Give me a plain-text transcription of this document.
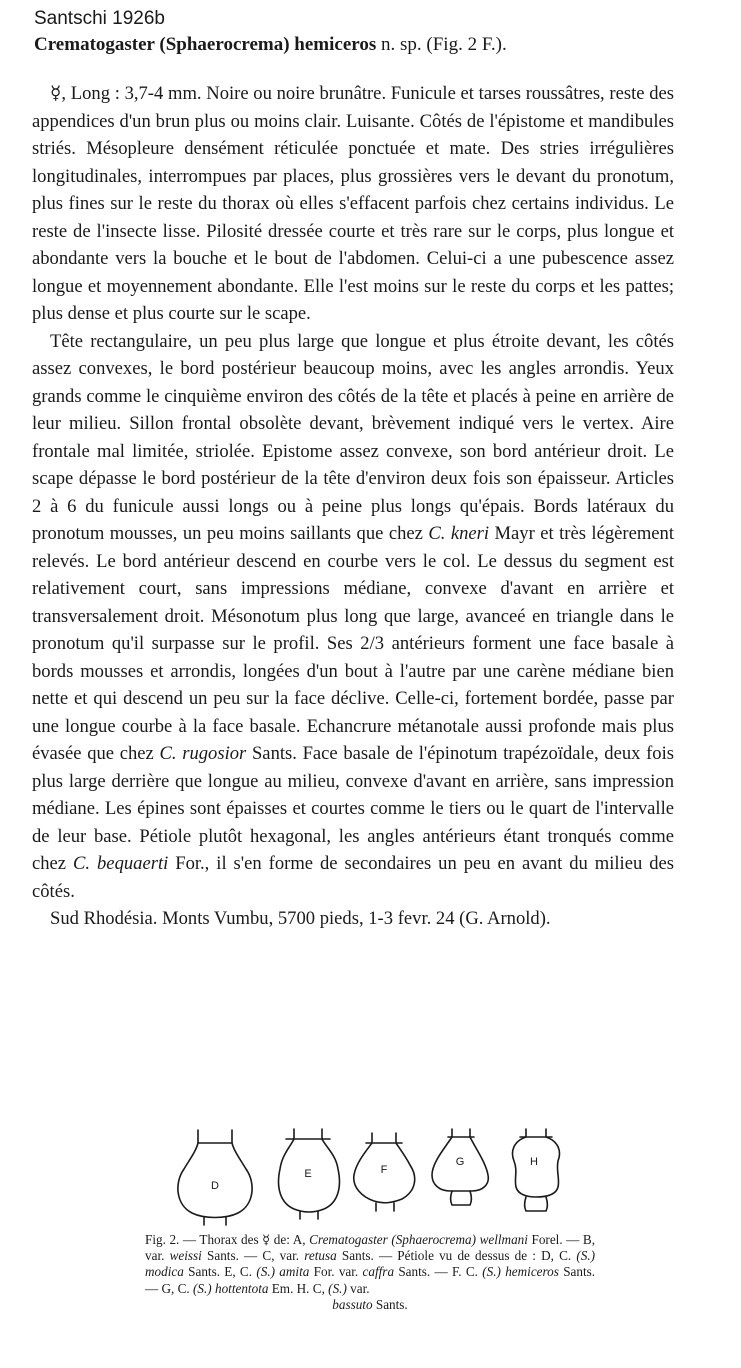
Santschi 1926b
Crematogaster (Sphaerocrema) hemiceros n. sp. (Fig. 2 F.).

☿, Long : 3,7-4 mm. Noire ou noire brunâtre. Funicule et tarses roussâtres, reste des appendices d'un brun plus ou moins clair. Luisante. Côtés de l'épistome et mandibules striés. Mésopleure densément réticulée ponctuée et mate. Des stries irrégulières longitudinales, interrompues par places, plus grossières vers le devant du pronotum, plus fines sur le reste du thorax où elles s'effacent parfois chez certains individus. Le reste de l'insecte lisse. Pilosité dressée courte et très rare sur le corps, plus longue et abondante vers la bouche et le bout de l'abdomen. Celui-ci a une pubescence assez longue et moyennement abondante. Elle l'est moins sur le reste du corps et les pattes; plus dense et plus courte sur le scape.

Tête rectangulaire, un peu plus large que longue et plus étroite devant, les côtés assez convexes, le bord postérieur beaucoup moins, avec les angles arrondis. Yeux grands comme le cinquième environ des côtés de la tête et placés à peine en arrière de leur milieu. Sillon frontal obsolète devant, brèvement indiqué vers le vertex. Aire frontale mal limitée, striolée. Epistome assez convexe, son bord antérieur droit. Le scape dépasse le bord postérieur de la tête d'environ deux fois son épaisseur. Articles 2 à 6 du funicule aussi longs ou à peine plus longs qu'épais. Bords latéraux du pronotum mousses, un peu moins saillants que chez C. kneri Mayr et très légèrement relevés. Le bord antérieur descend en courbe vers le col. Le dessus du segment est relativement court, sans impressions médiane, convexe d'avant en arrière et transversalement droit. Mésonotum plus long que large, avanceé en triangle dans le pronotum qu'il surpasse sur le profil. Ses 2/3 antérieurs forment une face basale à bords mousses et arrondis, longées d'un bout à l'autre par une carène médiane bien nette et qui descend un peu sur la face déclive. Celle-ci, fortement bordée, passe par une longue courbe à la face basale. Echancrure métanotale aussi profonde mais plus évasée que chez C. rugosior Sants. Face basale de l'épinotum trapézoïdale, deux fois plus large derrière que longue au milieu, convexe d'avant en arrière, sans impression médiane. Les épines sont épaisses et courtes comme le tiers ou le quart de l'intervalle de leur base. Pétiole plutôt hexagonal, les angles antérieurs étant tronqués comme chez C. bequaerti For., il s'en forme de secondaires un peu en avant du milieu des côtés.

Sud Rhodésia. Monts Vumbu, 5700 pieds, 1-3 fevr. 24 (G. Arnold).

D
E	F
G	H

Fig. 2. — Thorax des ☿ de: A, Crematogaster (Sphaerocrema) wellmani Forel. — B, var. weissi Sants. — C, var. retusa Sants. — Pétiole vu de dessus de : D, C. (S.) modica Sants. E, C. (S.) amita For. var. caffra Sants. — F. C. (S.) hemiceros Sants. — G, C. (S.) hottentota Em. H. C, (S.) var.

bassuto Sants.
